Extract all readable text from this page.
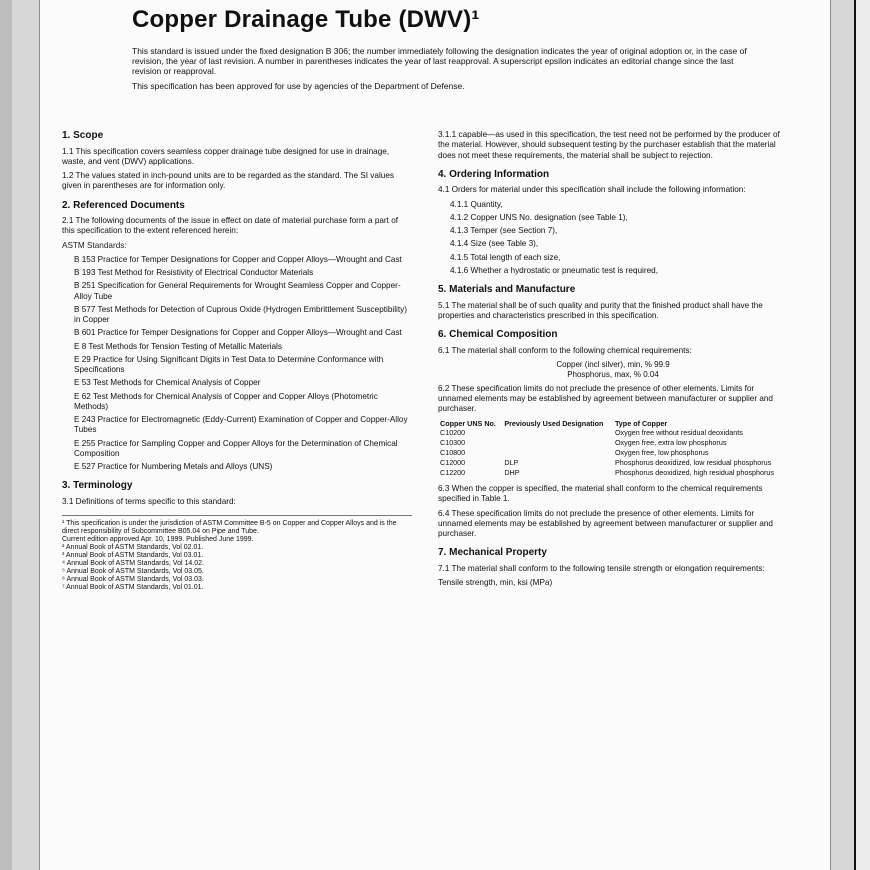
Copper Drainage Tube (DWV)¹

This standard is issued under the fixed designation B 306; the number immediately following the designation indicates the year of original adoption or, in the case of revision, the year of last revision. A number in parentheses indicates the year of last reapproval. A superscript epsilon indicates an editorial change since the last revision or reapproval.

This specification has been approved for use by agencies of the Department of Defense.

1. Scope
1.1 This specification covers seamless copper drainage tube designed for use in drainage, waste, and vent (DWV) applications.
1.2 The values stated in inch-pound units are to be regarded as the standard. The SI values given in parentheses are for information only.
2. Referenced Documents
2.1 The following documents of the issue in effect on date of material purchase form a part of this specification to the extent referenced herein:
ASTM Standards:
B 153 Practice for Temper Designations for Copper and Copper Alloys—Wrought and Cast
B 193 Test Method for Resistivity of Electrical Conductor Materials
B 251 Specification for General Requirements for Wrought Seamless Copper and Copper-Alloy Tube
B 577 Test Methods for Detection of Cuprous Oxide (Hydrogen Embrittlement Susceptibility) in Copper
B 601 Practice for Temper Designations for Copper and Copper Alloys—Wrought and Cast
E 8 Test Methods for Tension Testing of Metallic Materials
E 29 Practice for Using Significant Digits in Test Data to Determine Conformance with Specifications
E 53 Test Methods for Chemical Analysis of Copper
E 62 Test Methods for Chemical Analysis of Copper and Copper Alloys (Photometric Methods)
E 243 Practice for Electromagnetic (Eddy-Current) Examination of Copper and Copper-Alloy Tubes
E 255 Practice for Sampling Copper and Copper Alloys for the Determination of Chemical Composition
E 527 Practice for Numbering Metals and Alloys (UNS)
3. Terminology
3.1 Definitions of terms specific to this standard:
¹ This specification is under the jurisdiction of ASTM Committee B-5 on Copper and Copper Alloys and is the direct responsibility of Subcommittee B05.04 on Pipe and Tube.
Current edition approved Apr. 10, 1999. Published June 1999.
² Annual Book of ASTM Standards, Vol 02.01.
³ Annual Book of ASTM Standards, Vol 03.01.
⁴ Annual Book of ASTM Standards, Vol 14.02.
⁵ Annual Book of ASTM Standards, Vol 03.05.
⁶ Annual Book of ASTM Standards, Vol 03.03.
⁷ Annual Book of ASTM Standards, Vol 01.01.
3.1.1 capable—as used in this specification, the test need not be performed by the producer of the material. However, should subsequent testing by the purchaser establish that the material does not meet these requirements, the material shall be subject to rejection.
4. Ordering Information
4.1 Orders for material under this specification shall include the following information:
4.1.1 Quantity,
4.1.2 Copper UNS No. designation (see Table 1),
4.1.3 Temper (see Section 7),
4.1.4 Size (see Table 3),
4.1.5 Total length of each size,
4.1.6 Whether a hydrostatic or pneumatic test is required,
5. Materials and Manufacture
5.1 The material shall be of such quality and purity that the finished product shall have the properties and characteristics prescribed in this specification.
6. Chemical Composition
6.1 The material shall conform to the following chemical requirements:
Copper (incl silver), min, % 99.9
Phosphorus, max, % 0.04
6.2 These specification limits do not preclude the presence of other elements. Limits for unnamed elements may be established by agreement between manufacturer or supplier and purchaser.
Copper UNS No.	Previously Used Designation	Type of Copper
C10200		Oxygen free without residual deoxidants
C10300		Oxygen free, extra low phosphorus
C10800		Oxygen free, low phosphorus
C12000	DLP	Phosphorus deoxidized, low residual phosphorus
C12200	DHP	Phosphorus deoxidized, high residual phosphorus
6.3 When the copper is specified, the material shall conform to the chemical requirements specified in Table 1.
6.4 These specification limits do not preclude the presence of other elements. Limits for unnamed elements may be established by agreement between manufacturer or supplier and purchaser.
7. Mechanical Property
7.1 The material shall conform to the following tensile strength or elongation requirements:
Tensile strength, min, ksi (MPa)
